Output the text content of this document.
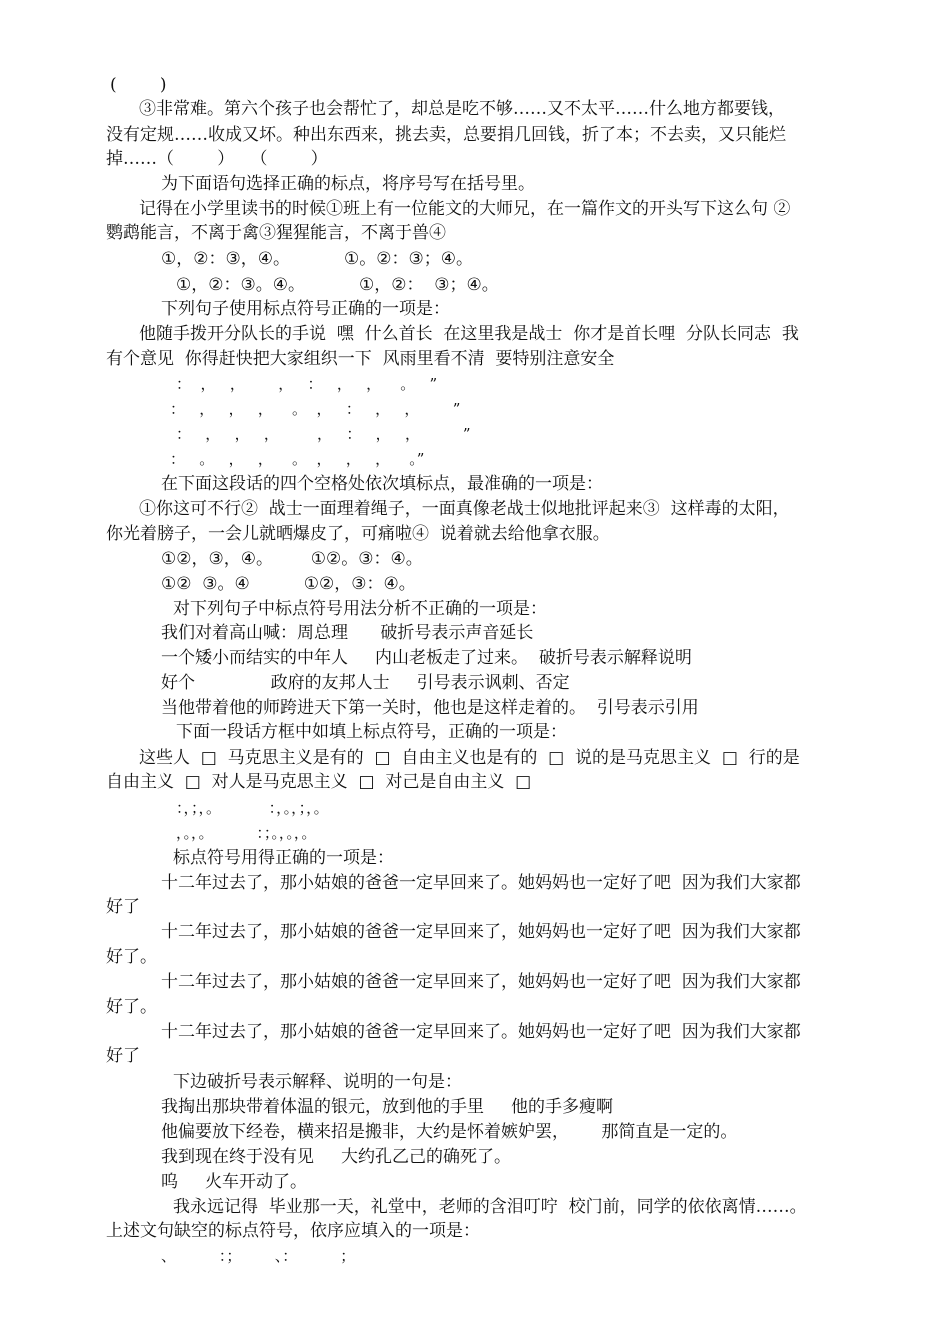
(        )
③非常难。第六个孩子也会帮忙了，却总是吃不够……又不太平……什么地方都要钱，
没有定规……收成又坏。种出东西来，挑去卖，总要捐几回钱，折了本；不去卖，又只能烂
掉……（        ）   （        ）
为下面语句选择正确的标点，将序号写在括号里。
记得在小学里读书的时候①班上有一位能文的大师兄，在一篇作文的开头写下这么句 ②
鹦鹉能言，不离于禽③猩猩能言，不离于兽④
①，②：③，④。          ①。②：③；④。
①，②：③。④。          ①，②：  ③；④。
下列句子使用标点符号正确的一项是：
他随手拨开分队长的手说  嘿  什么首长  在这里我是战士  你才是首长哩  分队长同志  我
有个意见  你得赶快把大家组织一下  风雨里看不清  要特别注意安全
：  ，   ，       ，   ：   ，   ，    。   ”
：   ，   ，   ，    。  ，   ：   ，   ，       ”
：   ，   ，   ，        ，   ：   ，   ，         ”
：   。   ，   ，    。  ，   ，   ，    。”
在下面这段话的四个空格处依次填标点，最准确的一项是：
①你这可不行②  战士一面理着绳子，一面真像老战士似地批评起来③  这样毒的太阳，
你光着膀子，一会儿就晒爆皮了，可痛啦④  说着就去给他拿衣服。
①②，③，④。       ①②。③：④。
①②  ③。④          ①②，③：④。
对下列句子中标点符号用法分析不正确的一项是：
我们对着高山喊：周总理      破折号表示声音延长
一个矮小而结实的中年人     内山老板走了过来。  破折号表示解释说明
好个              政府的友邦人士     引号表示讽刺、否定
当他带着他的师跨进天下第一关时，他也是这样走着的。  引号表示引用
下面一段话方框中如填上标点符号，正确的一项是：
这些人  □  马克思主义是有的  □  自由主义也是有的  □  说的是马克思主义  □  行的是
自由主义  □  对人是马克思主义  □  对己是自由主义  □
：，；，。          ：，。，；，。
，。，。         ：；。，。，。
标点符号用得正确的一项是：
十二年过去了，那小姑娘的爸爸一定早回来了。她妈妈也一定好了吧  因为我们大家都
好了
十二年过去了，那小姑娘的爸爸一定早回来了，她妈妈也一定好了吧  因为我们大家都
好了。
十二年过去了，那小姑娘的爸爸一定早回来了，她妈妈也一定好了吧  因为我们大家都
好了。
十二年过去了，那小姑娘的爸爸一定早回来了。她妈妈也一定好了吧  因为我们大家都
好了
下边破折号表示解释、说明的一句是：
我掏出那块带着体温的银元，放到他的手里     他的手多瘦啊
他偏要放下经卷，横来招是搬非，大约是怀着嫉妒罢，      那简直是一定的。
我到现在终于没有见     大约孔乙己的确死了。
呜     火车开动了。
我永远记得  毕业那一天，礼堂中，老师的含泪叮咛  校门前，同学的依依离情……。
上述文句缺空的标点符号，依序应填入的一项是：
、         ：；       、：         ；
